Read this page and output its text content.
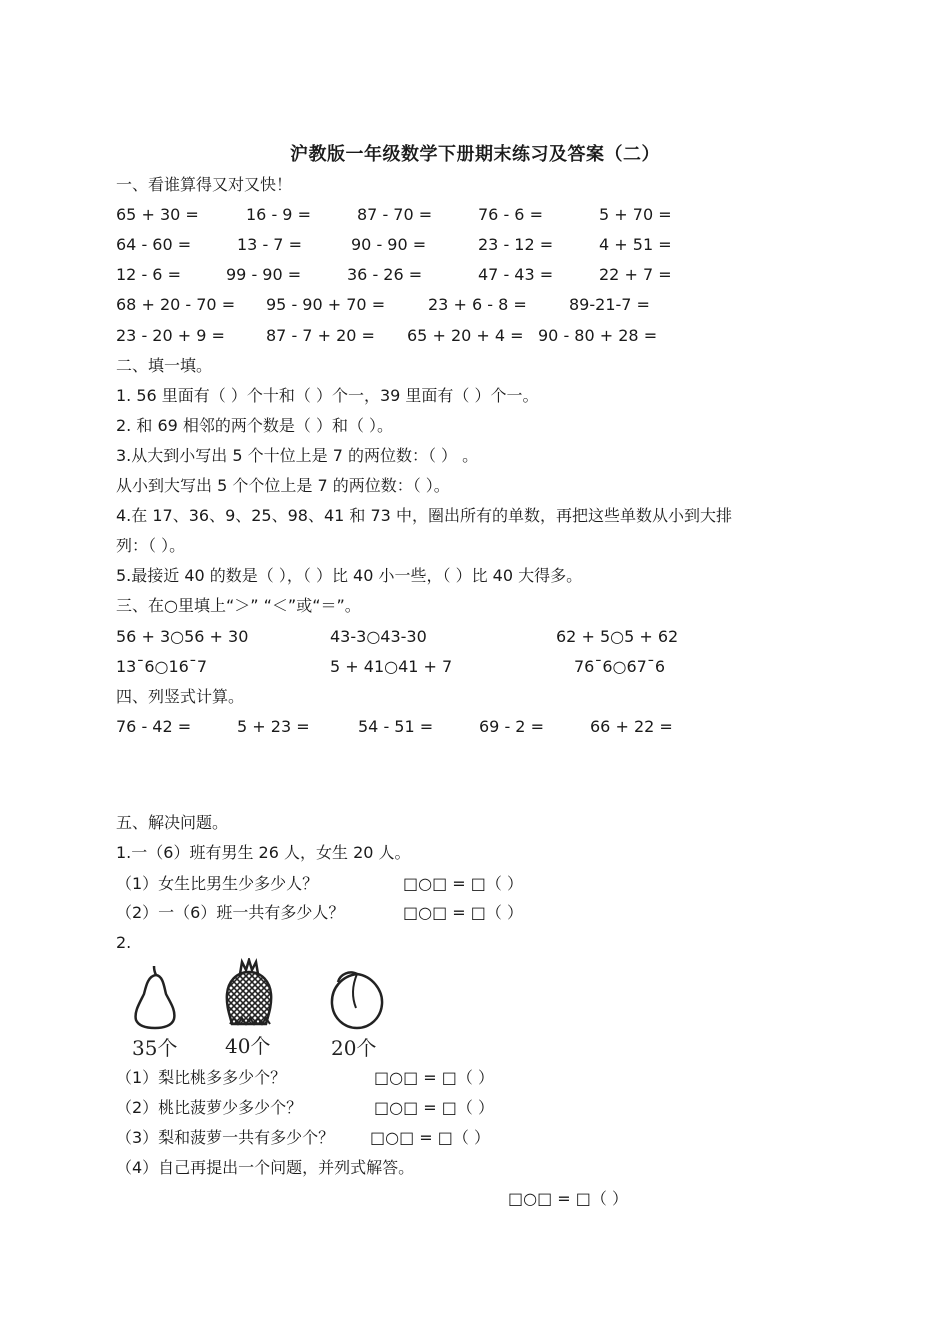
沪教版一年级数学下册期末练习及答案（二）
一、看谁算得又对又快！
65 + 30 =	16 - 9 =	87 - 70 =	76 - 6 =	5 + 70 =
64 - 60 =	13 - 7 =	90 - 90 =	23 - 12 =	4 + 51 =
12 - 6 =	99 - 90 =	36 - 26 =	47 - 43 =	22 + 7 =
68 + 20 - 70 = 95 - 90 + 70 =	23 + 6 - 8 =	89-21-7 =
23 - 20 + 9 =	87 - 7 + 20 = 65 + 20 + 4 = 90 - 80 + 28 =
二、填一填。
1. 56 里面有（ ）个十和（ ）个一，39 里面有（ ）个一。
2. 和 69 相邻的两个数是（ ）和（ ）。
3.从大到小写出 5 个十位上是 7 的两位数：（ ） 。
从小到大写出 5 个个位上是 7 的两位数：（ ）。
4.在 17、36、9、25、98、41 和 73 中，圈出所有的单数，再把这些单数从小到大排
列：（ ）。
5.最接近 40 的数是（ ），（ ）比 40 小一些，（ ）比 40 大得多。
三、在○里填上“＞” “＜”或“＝”。
56 + 3○56 + 30	43-3○43-30	62 + 5○5 + 62
13¯6○16¯7	5 + 41○41 + 7	76¯6○67¯6
四、列竖式计算。
76 - 42 =	5 + 23 =	54 - 51 =	69 - 2 =	66 + 22 =
五、解决问题。
1.一（6）班有男生 26 人，女生 20 人。
（1）女生比男生少多少人？	□○□ = □（ ）
（2）一（6）班一共有多少人？	□○□ = □（ ）
2.
35个 40个	20个
（1）梨比桃多多少个？	□○□ = □（ ）
（2）桃比菠萝少多少个？	□○□ = □（ ）
（3）梨和菠萝一共有多少个？ □○□ = □（ ）
（4）自己再提出一个问题，并列式解答。
□○□ = □（ ）
